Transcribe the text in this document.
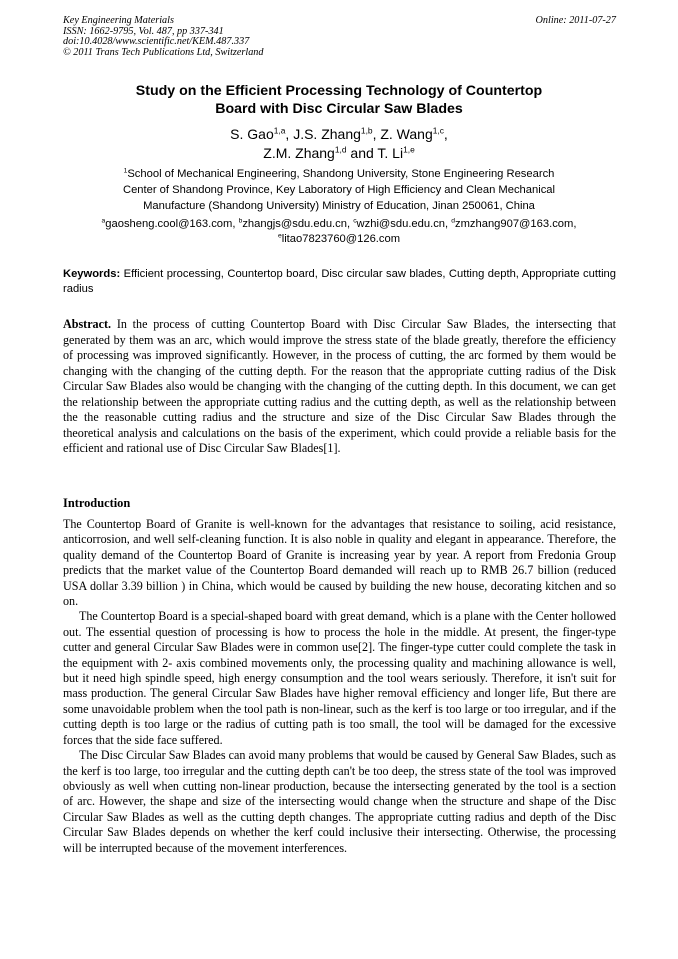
Key Engineering Materials
ISSN: 1662-9795, Vol. 487, pp 337-341
doi:10.4028/www.scientific.net/KEM.487.337
© 2011 Trans Tech Publications Ltd, Switzerland
Online: 2011-07-27
Study on the Efficient Processing Technology of Countertop
Board with Disc Circular Saw Blades
S. Gao$^{1,a}$, J.S. Zhang$^{1,b}$, Z. Wang$^{1,c}$,
Z.M. Zhang$^{1,d}$ and T. Li$^{1,e}$
$^1$School of Mechanical Engineering, Shandong University, Stone Engineering Research
Center of Shandong Province, Key Laboratory of High Efficiency and Clean Mechanical
Manufacture (Shandong University) Ministry of Education, Jinan 250061, China
$^a$gaosheng.cool@163.com, $^b$zhangjs@sdu.edu.cn, $^c$wzhi@sdu.edu.cn, $^d$zmzhang907@163.com,
$^e$litao7823760@126.com
Keywords: Efficient processing, Countertop board, Disc circular saw blades, Cutting depth, Appropriate cutting radius
Abstract. In the process of cutting Countertop Board with Disc Circular Saw Blades, the intersecting that generated by them was an arc, which would improve the stress state of the blade greatly, therefore the efficiency of processing was improved significantly. However, in the process of cutting, the arc formed by them would be changing with the changing of the cutting depth. For the reason that the appropriate cutting radius of the Disk Circular Saw Blades also would be changing with the changing of the cutting depth. In this document, we can get the relationship between the appropriate cutting radius and the cutting depth, as well as the relationship between the the reasonable cutting radius and the structure and size of the Disc Circular Saw Blades through the theoretical analysis and calculations on the basis of the experiment, which could provide a reliable basis for the efficient and rational use of Disc Circular Saw Blades[1].
Introduction

The Countertop Board of Granite is well-known for the advantages that resistance to soiling, acid resistance, anticorrosion, and well self-cleaning function. It is also noble in quality and elegant in appearance. Therefore, the quality demand of the Countertop Board of Granite is increasing year by year. A report from Fredonia Group predicts that the market value of the Countertop Board demanded will reach up to RMB 26.7 billion (reduced USA dollar 3.39 billion ) in China, which would be caused by building the new house, decorating kitchen and so on.

The Countertop Board is a special-shaped board with great demand, which is a plane with the Center hollowed out. The essential question of processing is how to process the hole in the middle. At present, the finger-type cutter and general Circular Saw Blades were in common use[2]. The finger-type cutter could complete the task in the equipment with 2- axis combined movements only, the processing quality and machining allowance is well, but it need high spindle speed, high energy consumption and the tool wears seriously. Therefore, it isn't suit for mass production. The general Circular Saw Blades have higher removal efficiency and longer life, But there are some unavoidable problem when the tool path is non-linear, such as the kerf is too large or too irregular, and if the cutting depth is too large or the radius of cutting path is too small, the tool will be damaged for the excessive forces that the side face suffered.

The Disc Circular Saw Blades can avoid many problems that would be caused by General Saw Blades, such as the kerf is too large, too irregular and the cutting depth can't be too deep, the stress state of the tool was improved obviously as well when cutting non-linear production, because the intersecting generated by the tool is a section of arc. However, the shape and size of the intersecting would change when the structure and shape of the Disc Circular Saw Blades as well as the cutting depth changes. The appropriate cutting radius and depth of the Disc Circular Saw Blades depends on whether the kerf could inclusive their intersecting. Otherwise, the processing will be interrupted because of the movement interferences.
